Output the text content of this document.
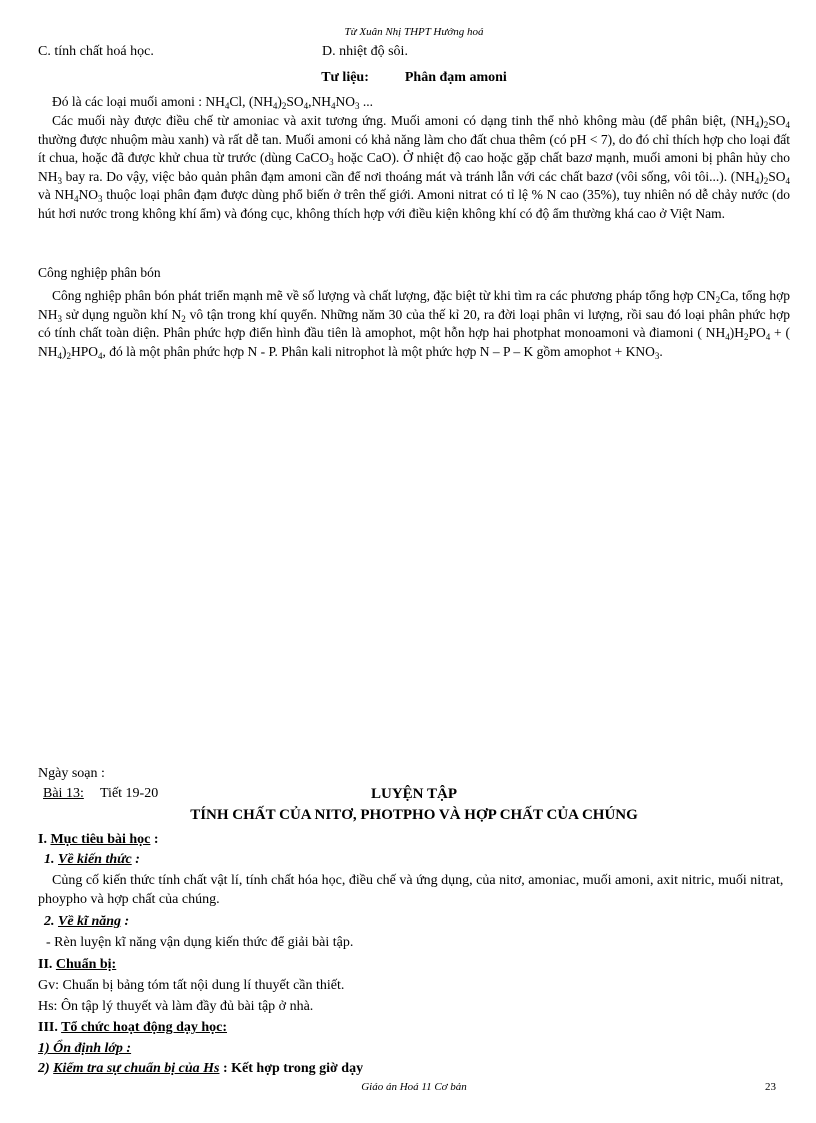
Từ Xuân Nhị THPT Hướng hoá
C. tính chất hoá học.	D. nhiệt độ sôi.
Tư liệu:	Phân đạm amoni
Đó là các loại muối amoni : $NH_4Cl$, $(NH_4)_2SO_4,NH_4NO_3$ ...
Các muối này được điều chế từ amoniac và axit tương ứng. Muối amoni có dạng tinh thể nhỏ không màu (để phân biệt, $(NH_4)_2SO_4$ thường được nhuộm màu xanh) và rất dễ tan. Muối amoni có khả năng làm cho đất chua thêm (có pH < 7), do đó chỉ thích hợp cho loại đất ít chua, hoặc đã được khử chua từ trước (dùng CaCO$_3$ hoặc CaO). Ở nhiệt độ cao hoặc gặp chất bazơ mạnh, muối amoni bị phân hủy cho $NH_3$ bay ra. Do vậy, việc bảo quản phân đạm amoni cần để nơi thoáng mát và tránh lẫn với các chất bazơ (vôi sống, vôi tôi...). $(NH_4)_2SO_4$ và $NH_4NO_3$ thuộc loại phân đạm được dùng phổ biến ở trên thế giới. Amoni nitrat có tỉ lệ % N cao (35%), tuy nhiên nó dễ chảy nước (do hút hơi nước trong không khí ẩm) và đóng cục, không thích hợp với điều kiện không khí có độ ẩm thường khá cao ở Việt Nam.
Công nghiệp phân bón
Công nghiệp phân bón phát triển mạnh mẽ về số lượng và chất lượng, đặc biệt từ khi tìm ra các phương pháp tổng hợp $CN_2Ca$, tổng hợp $NH_3$ sử dụng nguồn khí $N_2$ vô tận trong khí quyển. Những năm 30 của thế kỉ 20, ra đời loại phân vi lượng, rồi sau đó loại phân phức hợp có tính chất toàn diện. Phân phức hợp điển hình đầu tiên là amophot, một hỗn hợp hai photphat monoamoni và điamoni ( $NH_4)H_2PO_4$ + ( $NH_4)_2HPO_4$, đó là một phân phức hợp N - P. Phân kali nitrophot là một phức hợp N – P – K gồm amophot + $KNO_3$.
Ngày soạn :
LUYỆN TẬP
Bài 13: Tiết 19-20
TÍNH CHẤT CỦA NITƠ, PHOTPHO VÀ HỢP CHẤT CỦA CHÚNG
I. Mục tiêu bài học :
1. Về kiến thức :
Củng cố kiến thức tính chất vật lí, tính chất hóa học, điều chế và ứng dụng, của nitơ, amoniac, muối amoni, axit nitric, muối nitrat, phoypho và hợp chất của chúng.
2. Về kĩ năng :
- Rèn luyện kĩ năng vận dụng kiến thức để giải bài tập.
II. Chuẩn bị:
Gv: Chuẩn bị bảng tóm tất nội dung lí thuyết cần thiết.
Hs: Ôn tập lý thuyết và làm đầy đủ bài tập ở nhà.
III. Tổ chức hoạt động dạy học:
1) Ổn định lớp :
2) Kiểm tra sự chuẩn bị của Hs : Kết hợp trong giờ dạy
Giáo án Hoá 11 Cơ bản	23
